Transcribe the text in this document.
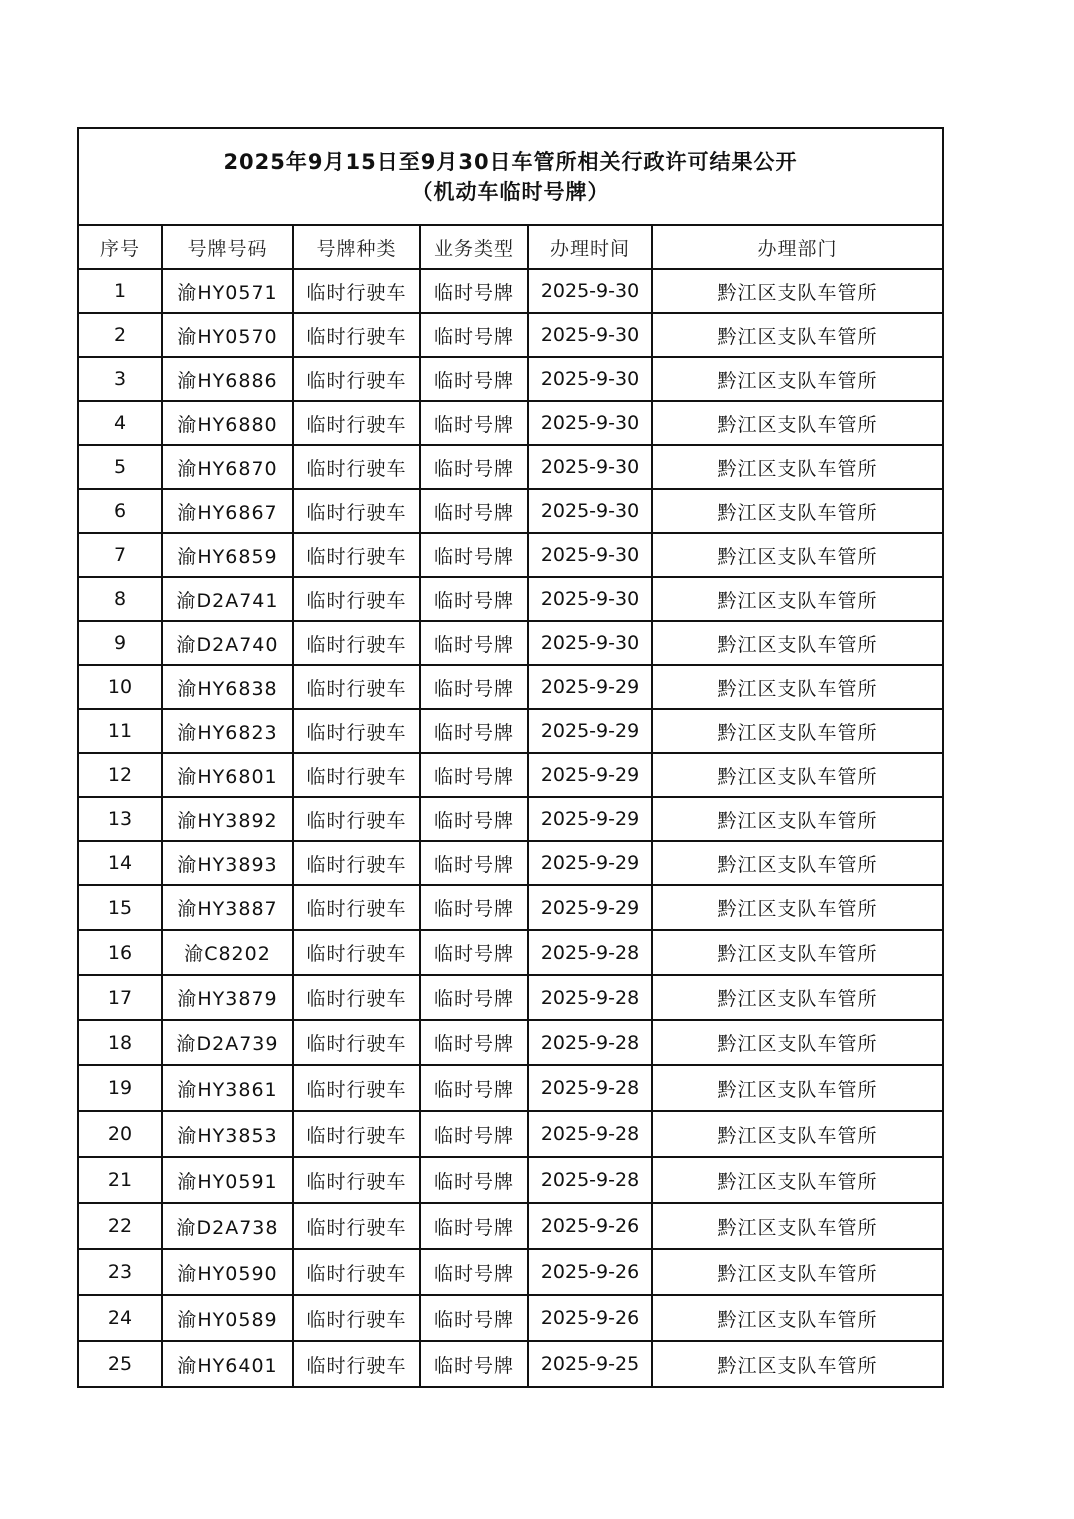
2025年9月15日至9月30日车管所相关行政许可结果公开
（机动车临时号牌）
序号	号牌号码	号牌种类	业务类型	办理时间	办理部门
1	渝HY0571	临时行驶车	临时号牌	2025-9-30	黔江区支队车管所
2	渝HY0570	临时行驶车	临时号牌	2025-9-30	黔江区支队车管所
3	渝HY6886	临时行驶车	临时号牌	2025-9-30	黔江区支队车管所
4	渝HY6880	临时行驶车	临时号牌	2025-9-30	黔江区支队车管所
5	渝HY6870	临时行驶车	临时号牌	2025-9-30	黔江区支队车管所
6	渝HY6867	临时行驶车	临时号牌	2025-9-30	黔江区支队车管所
7	渝HY6859	临时行驶车	临时号牌	2025-9-30	黔江区支队车管所
8	渝D2A741	临时行驶车	临时号牌	2025-9-30	黔江区支队车管所
9	渝D2A740	临时行驶车	临时号牌	2025-9-30	黔江区支队车管所
10	渝HY6838	临时行驶车	临时号牌	2025-9-29	黔江区支队车管所
11	渝HY6823	临时行驶车	临时号牌	2025-9-29	黔江区支队车管所
12	渝HY6801	临时行驶车	临时号牌	2025-9-29	黔江区支队车管所
13	渝HY3892	临时行驶车	临时号牌	2025-9-29	黔江区支队车管所
14	渝HY3893	临时行驶车	临时号牌	2025-9-29	黔江区支队车管所
15	渝HY3887	临时行驶车	临时号牌	2025-9-29	黔江区支队车管所
16	渝C8202	临时行驶车	临时号牌	2025-9-28	黔江区支队车管所
17	渝HY3879	临时行驶车	临时号牌	2025-9-28	黔江区支队车管所
18	渝D2A739	临时行驶车	临时号牌	2025-9-28	黔江区支队车管所
19	渝HY3861	临时行驶车	临时号牌	2025-9-28	黔江区支队车管所
20	渝HY3853	临时行驶车	临时号牌	2025-9-28	黔江区支队车管所
21	渝HY0591	临时行驶车	临时号牌	2025-9-28	黔江区支队车管所
22	渝D2A738	临时行驶车	临时号牌	2025-9-26	黔江区支队车管所
23	渝HY0590	临时行驶车	临时号牌	2025-9-26	黔江区支队车管所
24	渝HY0589	临时行驶车	临时号牌	2025-9-26	黔江区支队车管所
25	渝HY6401	临时行驶车	临时号牌	2025-9-25	黔江区支队车管所
